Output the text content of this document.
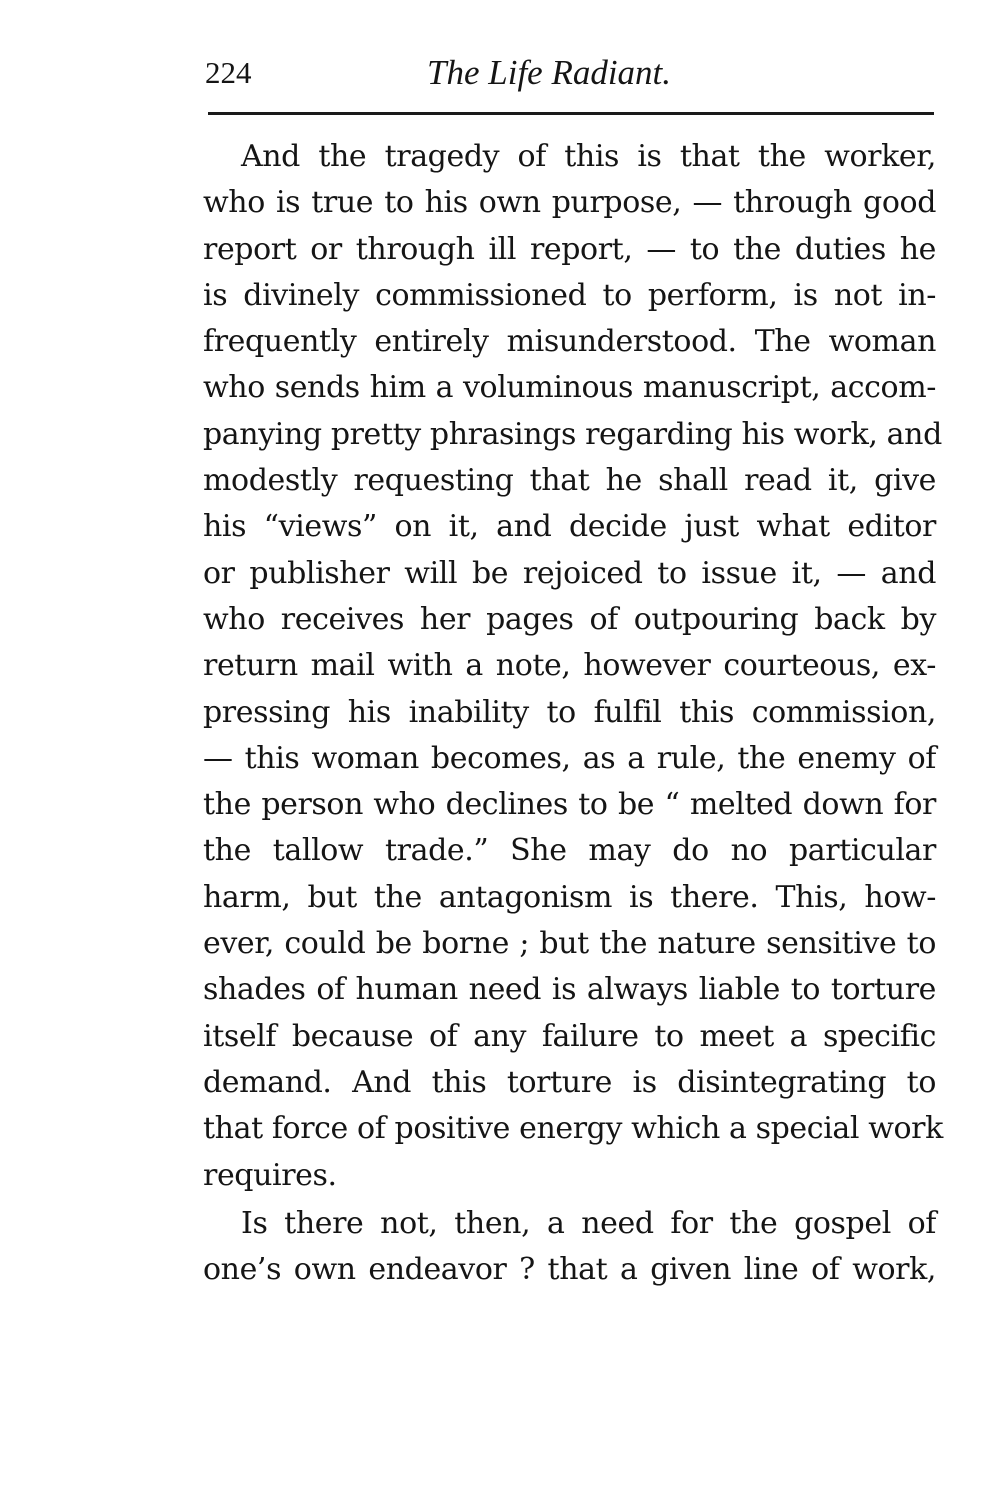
224	The Life Radiant.
And the tragedy of this is that the worker,
who is true to his own purpose, — through good
report or through ill report, — to the duties he
is divinely commissioned to perform, is not in-
frequently entirely misunderstood. The woman
who sends him a voluminous manuscript, accom-
panying pretty phrasings regarding his work, and
modestly requesting that he shall read it, give
his “views” on it, and decide just what editor
or publisher will be rejoiced to issue it, — and
who receives her pages of outpouring back by
return mail with a note, however courteous, ex-
pressing his inability to fulfil this commission,
— this woman becomes, as a rule, the enemy of
the person who declines to be “ melted down for
the tallow trade.” She may do no particular
harm, but the antagonism is there. This, how-
ever, could be borne ; but the nature sensitive to
shades of human need is always liable to torture
itself because of any failure to meet a specific
demand. And this torture is disintegrating to
that force of positive energy which a special work
requires.
Is there not, then, a need for the gospel of
one’s own endeavor ? that a given line of work,
